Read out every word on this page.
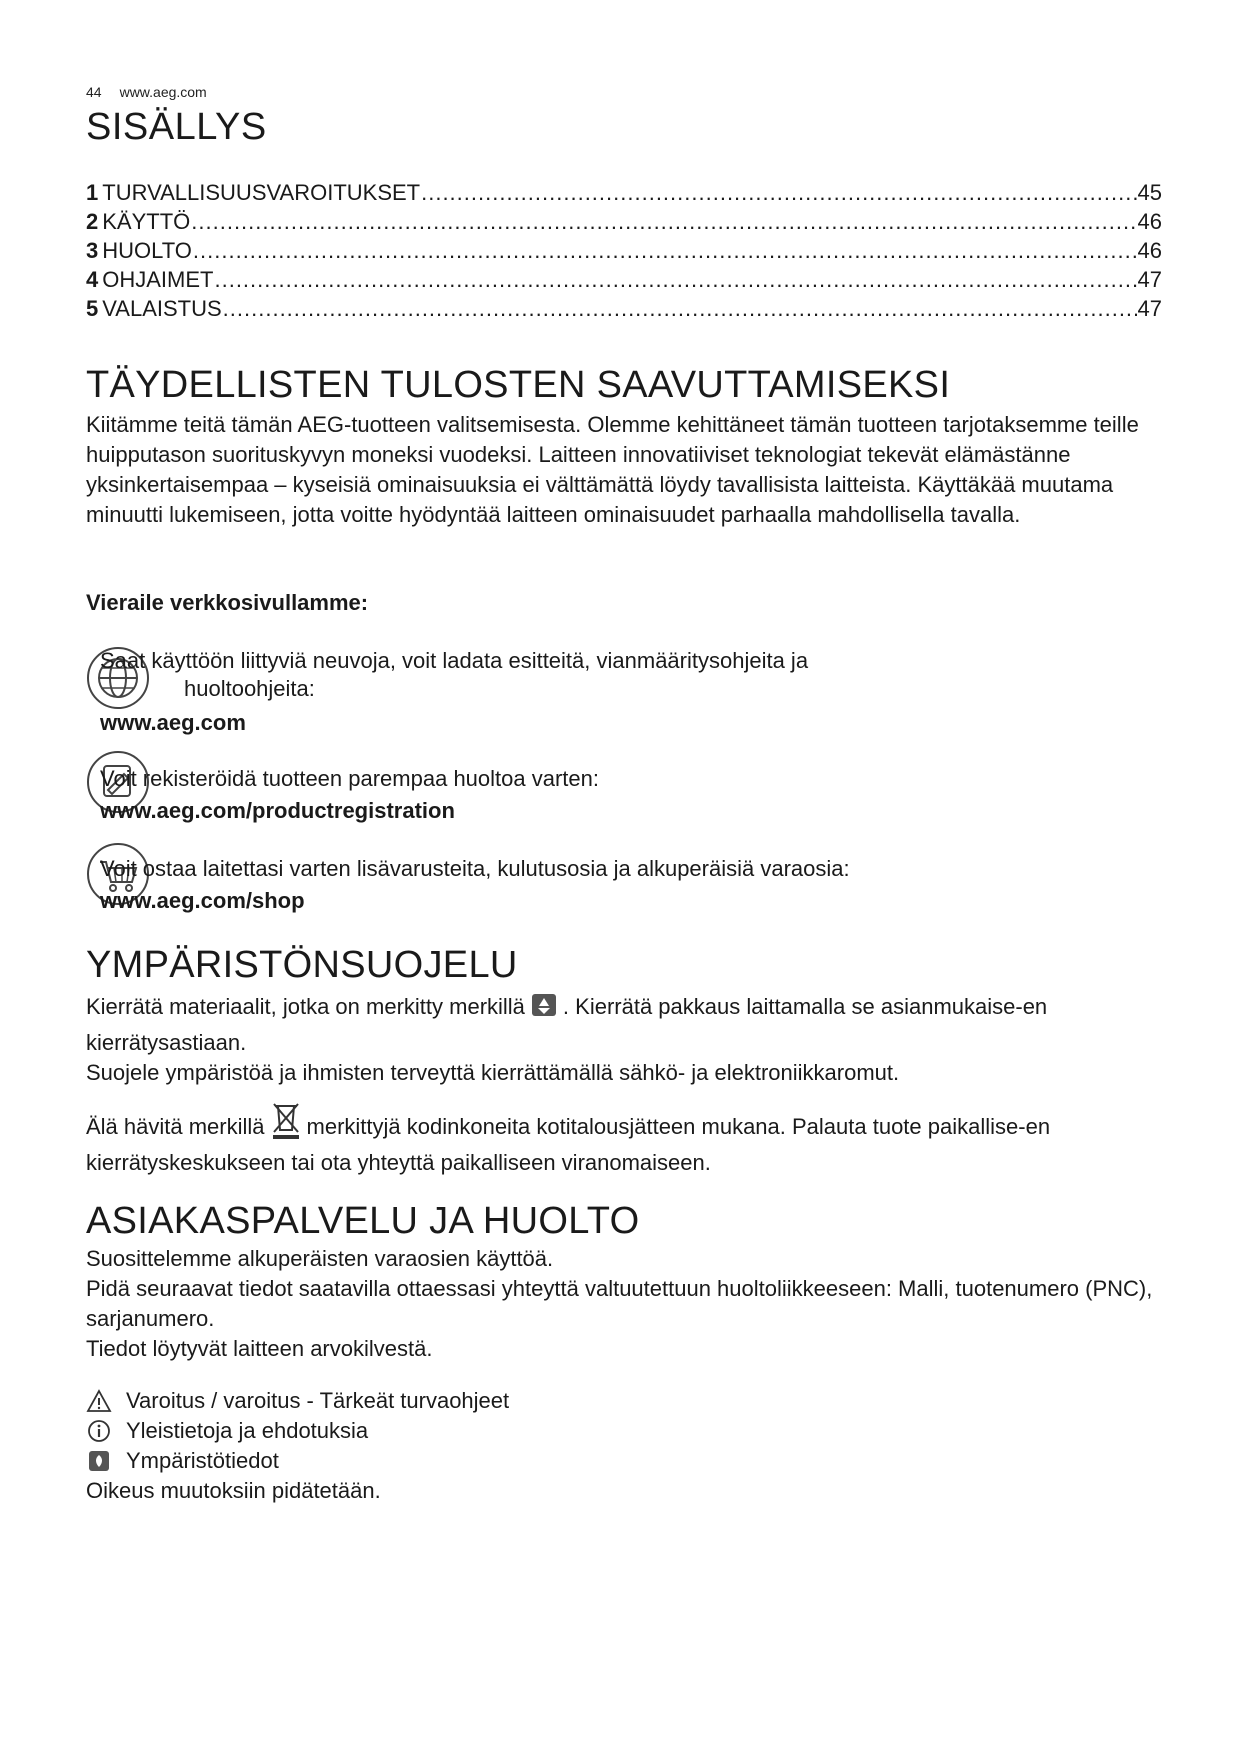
44 www.aeg.com
SISÄLLYS
1 TURVALLISUUSVAROITUKSET .....	45
2 KÄYTTÖ .....	46
3 HUOLTO .....	46
4 OHJAIMET .....	47
5 VALAISTUS .....	47
TÄYDELLISTEN TULOSTEN SAAVUTTAMISEKSI
Kiitämme teitä tämän AEG-tuotteen valitsemisesta. Olemme kehittäneet tämän tuotteen tarjotaksemme teille huipputason suorituskyvyn moneksi vuodeksi. Laitteen innovatiiviset teknologiat tekevät elämästänne yksinkertaisempaa – kyseisiä ominaisuuksia ei välttämättä löydy tavallisista laitteista. Käyttäkää muutama minuutti lukemiseen, jotta voitte hyödyntää laitteen ominaisuudet parhaalla mahdollisella tavalla.
Vieraile verkkosivullamme:
Saat käyttöön liittyviä neuvoja, voit ladata esitteitä, vianmääritysohjeita ja
huoltoohjeita:
www.aeg.com
Voit rekisteröidä tuotteen parempaa huoltoa varten:
www.aeg.com/productregistration
Voit ostaa laitettasi varten lisävarusteita, kulutusosia ja alkuperäisiä varaosia:
www.aeg.com/shop
YMPÄRISTÖNSUOJELU

Kierrätä materiaalit, jotka on merkitty merkillä . Kierrätä pakkaus laittamalla se asianmukaise-en kierrätysastiaan.

Suojele ympäristöä ja ihmisten terveyttä kierrättämällä sähkö- ja elektroniikkaromut.

Älä hävitä merkillä merkittyjä kodinkoneita kotitalousjätteen mukana. Palauta tuote paikallise-en kierrätyskeskukseen tai ota yhteyttä paikalliseen viranomaiseen.

ASIAKASPALVELU JA HUOLTO

Suosittelemme alkuperäisten varaosien käyttöä.

Pidä seuraavat tiedot saatavilla ottaessasi yhteyttä valtuutettuun huoltoliikkeeseen: Malli, tuotenumero (PNC), sarjanumero.

Tiedot löytyvät laitteen arvokilvestä.

Varoitus / varoitus - Tärkeät turvaohjeet
Yleistietoja ja ehdotuksia
Ympäristötiedot
Oikeus muutoksiin pidätetään.
